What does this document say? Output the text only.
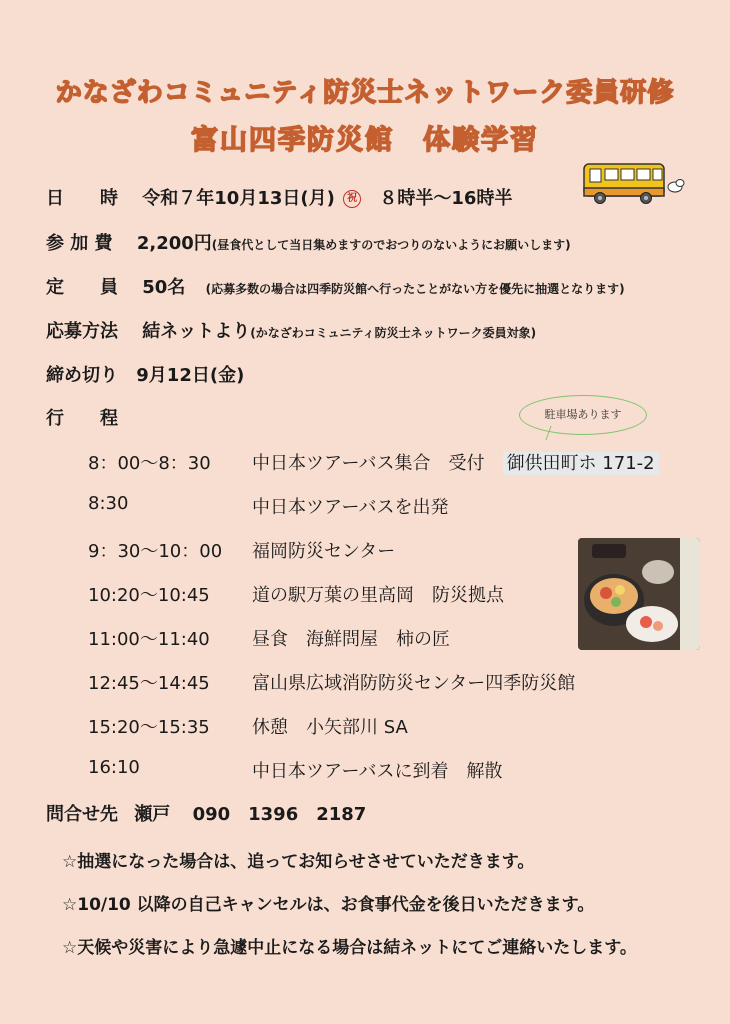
かなざわコミュニティ防災士ネットワーク委員研修
富山四季防災館　体験学習
日　　時 令和７年10月13日(月) 祝 ８時半～16時半
参 加 費 2,200円(昼食代として当日集めますのでおつりのないようにお願いします)
定　　員 50名 (応募多数の場合は四季防災館へ行ったことがない方を優先に抽選となります)
応募方法 結ネットより(かなざわコミュニティ防災士ネットワーク委員対象)
締め切り 9月12日(金)
行　　程	駐車場あります
8：00～8：30 中日本ツアーバス集合　受付　 御供田町ホ 171-2
8:30	中日本ツアーバスを出発
9：30～10：00 福岡防災センター
10:20～10:45 道の駅万葉の里高岡　防災拠点
11:00～11:40 昼食　海鮮問屋　柿の匠
12:45～14:45 富山県広域消防防災センター四季防災館
15:20～15:35 休憩　小矢部川 SA
16:10	中日本ツアーバスに到着　解散
問合せ先 瀬戸 090　1396　2187
☆抽選になった場合は、追ってお知らせさせていただきます。
☆10/10 以降の自己キャンセルは、お食事代金を後日いただきます。
☆天候や災害により急遽中止になる場合は結ネットにてご連絡いたします。
